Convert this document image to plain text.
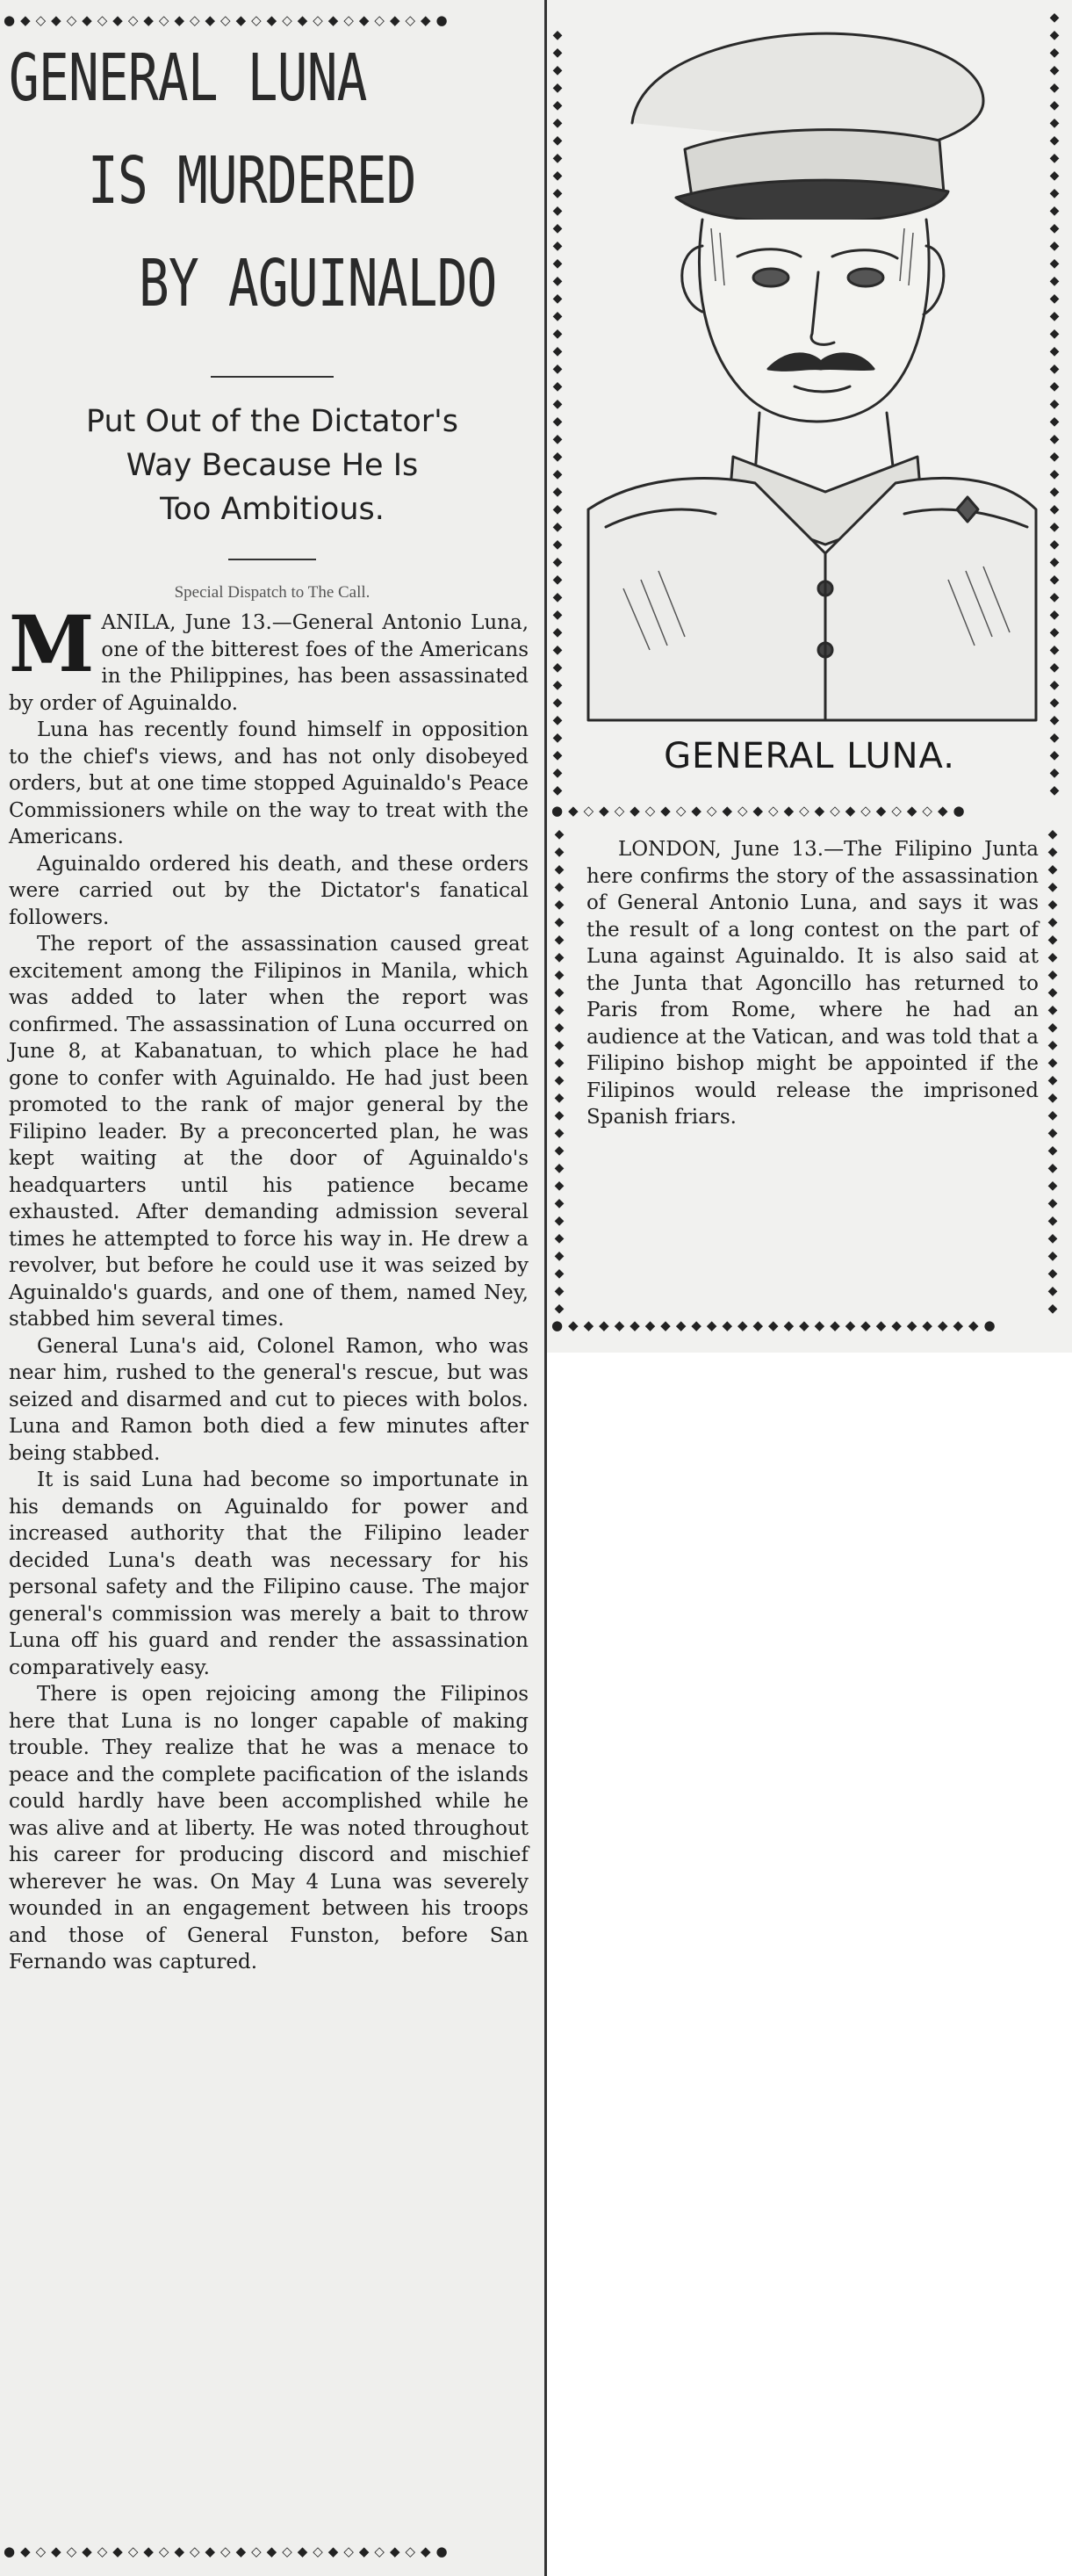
●◆◇◆◇◆◇◆◇◆◇◆◇◆◇◆◇◆◇◆◇◆◇◆◇◆◇◆●
●◆◇◆◇◆◇◆◇◆◇◆◇◆◇◆◇◆◇◆◇◆◇◆◇◆◇◆●
◆◆◆◆◆◆◆◆◆◆◆◆◆◆◆◆◆◆◆◆◆◆◆◆◆◆◆◆◆◆◆◆◆◆◆◆◆◆◆◆◆◆◆◆
◆◆◆◆◆◆◆◆◆◆◆◆◆◆◆◆◆◆◆◆◆◆◆◆◆◆◆◆◆◆◆◆◆◆◆◆◆◆◆◆◆◆◆◆◆
●◆◇◆◇◆◇◆◇◆◇◆◇◆◇◆◇◆◇◆◇◆◇◆◇◆●
◆◆◆◆◆◆◆◆◆◆◆◆◆◆◆◆◆◆◆◆◆◆◆◆◆◆◆◆
◆◆◆◆◆◆◆◆◆◆◆◆◆◆◆◆◆◆◆◆◆◆◆◆◆◆◆◆
●◆◆◆◆◆◆◆◆◆◆◆◆◆◆◆◆◆◆◆◆◆◆◆◆◆◆◆●
GENERAL LUNA
IS MURDERED
BY AGUINALDO
Put Out of the Dictator's
Way Because He Is
Too Ambitious.
Special Dispatch to The Call.

MANILA, June 13.—General Antonio Luna, one of the bitterest foes of the Americans in the Philippines, has been assassinated by order of Aguinaldo.

Luna has recently found himself in opposition to the chief's views, and has not only disobeyed orders, but at one time stopped Aguinaldo's Peace Commissioners while on the way to treat with the Americans.

Aguinaldo ordered his death, and these orders were carried out by the Dictator's fanatical followers.

The report of the assassination caused great excitement among the Filipinos in Manila, which was added to later when the report was confirmed. The assassination of Luna occurred on June 8, at Kabanatuan, to which place he had gone to confer with Aguinaldo. He had just been promoted to the rank of major general by the Filipino leader. By a preconcerted plan, he was kept waiting at the door of Aguinaldo's headquarters until his patience became exhausted. After demanding admission several times he attempted to force his way in. He drew a revolver, but before he could use it was seized by Aguinaldo's guards, and one of them, named Ney, stabbed him several times.

General Luna's aid, Colonel Ramon, who was near him, rushed to the general's rescue, but was seized and disarmed and cut to pieces with bolos. Luna and Ramon both died a few minutes after being stabbed.

It is said Luna had become so importunate in his demands on Aguinaldo for power and increased authority that the Filipino leader decided Luna's death was necessary for his personal safety and the Filipino cause. The major general's commission was merely a bait to throw Luna off his guard and render the assassination comparatively easy.

There is open rejoicing among the Filipinos here that Luna is no longer capable of making trouble. They realize that he was a menace to peace and the complete pacification of the islands could hardly have been accomplished while he was alive and at liberty. He was noted throughout his career for producing discord and mischief wherever he was. On May 4 Luna was severely wounded in an engagement between his troops and those of General Funston, before San Fernando was captured.

GENERAL LUNA.

LONDON, June 13.—The Filipino Junta here confirms the story of the assassination of General Antonio Luna, and says it was the result of a long contest on the part of Luna against Aguinaldo. It is also said at the Junta that Agoncillo has returned to Paris from Rome, where he had an audience at the Vatican, and was told that a Filipino bishop might be appointed if the Filipinos would release the imprisoned Spanish friars.
